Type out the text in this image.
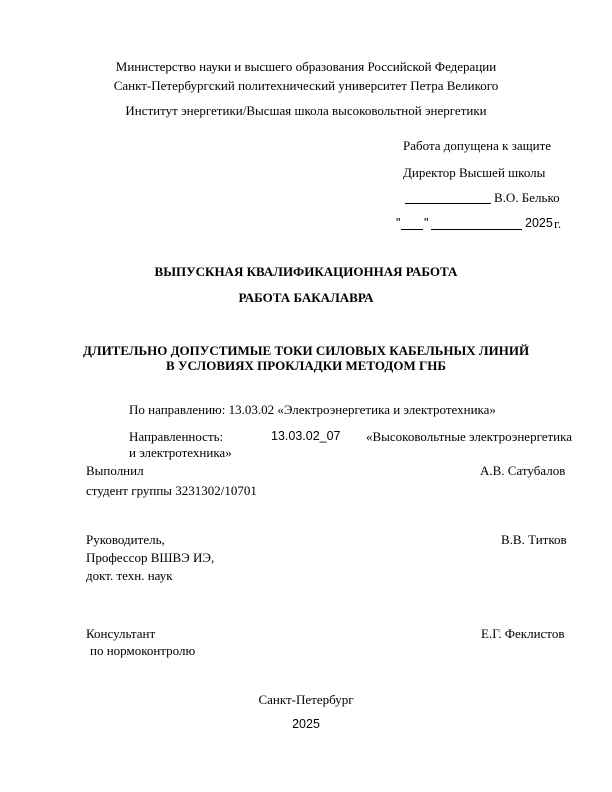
Министерство науки и высшего образования Российской Федерации
Санкт-Петербургский политехнический университет Петра Великого
Институт энергетики/Высшая школа высоковольтной энергетики
Работа допущена к защите
Директор Высшей школы
В.О. Белько
" "	2025 г.
ВЫПУСКНАЯ КВАЛИФИКАЦИОННАЯ РАБОТА
РАБОТА БАКАЛАВРА
ДЛИТЕЛЬНО ДОПУСТИМЫЕ ТОКИ СИЛОВЫХ КАБЕЛЬНЫХ ЛИНИЙ
В УСЛОВИЯХ ПРОКЛАДКИ МЕТОДОМ ГНБ
По направлению: 13.03.02 «Электроэнергетика и электротехника»
Направленность:	13.03.02_07 «Высоковольтные электроэнергетика
и электротехника»
Выполнил
студент группы 3231302/10701
А.В. Сатубалов
Руководитель,
Профессор ВШВЭ ИЭ,
докт. техн. наук
В.В. Титков
Консультант
по нормоконтролю
Е.Г. Феклистов
Санкт-Петербург
2025
